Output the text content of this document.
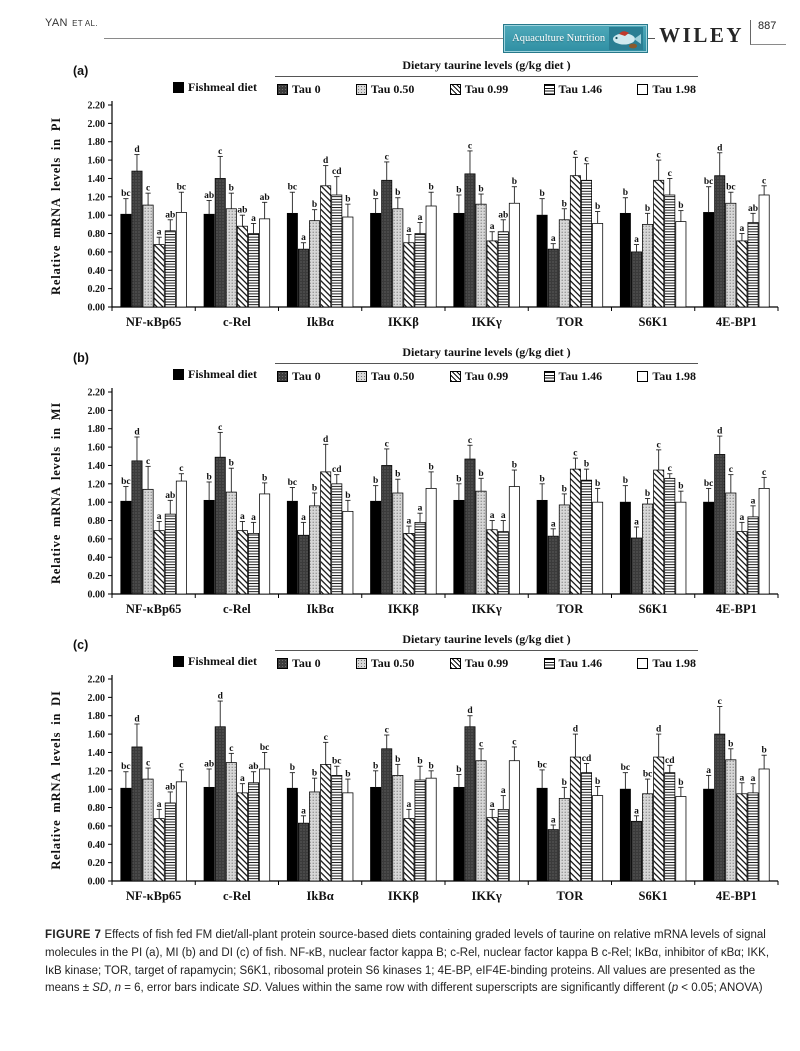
YAN ET AL.
Aquaculture Nutrition	WILEY	887
(a)
Fishmeal diet
Dietary taurine levels (g/kg diet )
Tau 0	Tau 0.50	Tau 0.99	Tau 1.46	Tau 1.98
0.00
0.20
0.40
0.60
0.80
1.00
1.20
1.40
1.60
1.80
2.00
2.20
Relative mRNA levels in PI
NF-κBp65
bc
d
c
a
ab
bc
c-Rel
ab
c
b
ab
a
ab
IkBα
bc
a
b
d
cd
b
IKKβ
b
c
b
a
a
b
IKKγ
b
c
b
a
ab
b
TOR
b
a
b
c
c
b
S6K1
b
a
b
c
c
b
4E-BP1
bc
d
bc
a
ab
c
(b)
Fishmeal diet
Dietary taurine levels (g/kg diet )
Tau 0	Tau 0.50	Tau 0.99	Tau 1.46	Tau 1.98
0.00
0.20
0.40
0.60
0.80
1.00
1.20
1.40
1.60
1.80
2.00
2.20
Relative mRNA levels in MI
NF-κBp65
bc
d
c
a
ab
c
c-Rel
b
c
b
a a
b
IkBα
bc
a
b
d
cd
b
IKKβ
b
c
b
a
a
b
IKKγ
b
c
b
a a
b
TOR
b
a
b
c
b
b
S6K1
b
a
b
c
c
b
4E-BP1
bc
d
c
a
a
c
(c)
Fishmeal diet
Dietary taurine levels (g/kg diet )
Tau 0	Tau 0.50	Tau 0.99	Tau 1.46	Tau 1.98
0.00
0.20
0.40
0.60
0.80
1.00
1.20
1.40
1.60
1.80
2.00
2.20
Relative mRNA levels in DI
NF-κBp65
bc
d
c
a
ab
c
c-Rel
ab
d
c
a
ab
bc
IkBα
b
a
b
c
bc
b
IKKβ
b
c
b
a
b b
IKKγ
b
d
c
a
a
c
TOR
bc
a
b
d
cd
b
S6K1
bc
a
bc
d
cd
b
4E-BP1
a
c
b
a a
b

FIGURE 7 Effects of fish fed FM diet/all-plant protein source-based diets containing graded levels of taurine on relative mRNA levels of signal molecules in the PI (a), MI (b) and DI (c) of fish. NF-κB, nuclear factor kappa B; c-Rel, nuclear factor kappa B c-Rel; IκBα, inhibitor of κBα; IKK, IκB kinase; TOR, target of rapamycin; S6K1, ribosomal protein S6 kinases 1; 4E-BP, eIF4E-binding proteins. All values are presented as the means ± SD, n = 6, error bars indicate SD. Values within the same row with different superscripts are significantly different (p < 0.05; ANOVA)
